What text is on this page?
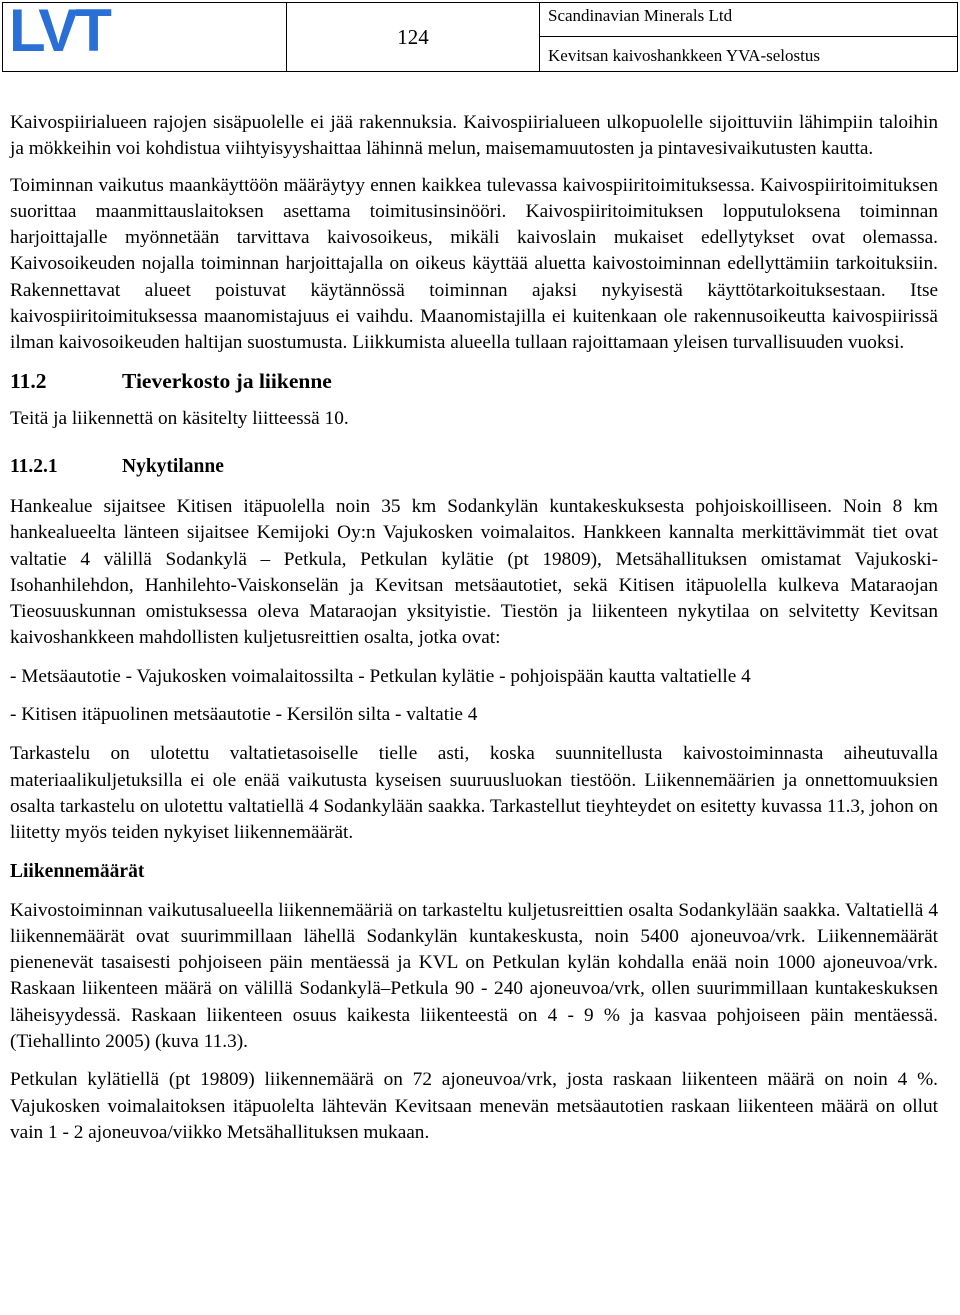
LVT	124	
Scandinavian Minerals Ltd
Kevitsan kaivoshankkeen YVA-selostus

Kaivospiirialueen rajojen sisäpuolelle ei jää rakennuksia. Kaivospiirialueen ulkopuolelle sijoittuviin lähimpiin taloihin ja mökkeihin voi kohdistua viihtyisyyshaittaa lähinnä melun, maisemamuutosten ja pintavesivaikutusten kautta.

Toiminnan vaikutus maankäyttöön määräytyy ennen kaikkea tulevassa kaivospiiritoimituksessa. Kaivospiiritoimituksen suorittaa maanmittauslaitoksen asettama toimitusinsinööri. Kaivospiiritoimituksen lopputuloksena toiminnan harjoittajalle myönnetään tarvittava kaivosoikeus, mikäli kaivoslain mukaiset edellytykset ovat olemassa. Kaivosoikeuden nojalla toiminnan harjoittajalla on oikeus käyttää aluetta kaivostoiminnan edellyttämiin tarkoituksiin. Rakennettavat alueet poistuvat käytännössä toiminnan ajaksi nykyisestä käyttötarkoituksestaan. Itse kaivospiiritoimituksessa maanomistajuus ei vaihdu. Maanomistajilla ei kuitenkaan ole rakennusoikeutta kaivospiirissä ilman kaivosoikeuden haltijan suostumusta. Liikkumista alueella tullaan rajoittamaan yleisen turvallisuuden vuoksi.

11.2	Tieverkosto ja liikenne

Teitä ja liikennettä on käsitelty liitteessä 10.

11.2.1	Nykytilanne

Hankealue sijaitsee Kitisen itäpuolella noin 35 km Sodankylän kuntakeskuksesta pohjoiskoilliseen. Noin 8 km hankealueelta länteen sijaitsee Kemijoki Oy:n Vajukosken voimalaitos. Hankkeen kannalta merkittävimmät tiet ovat valtatie 4 välillä Sodankylä – Petkula, Petkulan kylätie (pt 19809), Metsähallituksen omistamat Vajukoski-Isohanhilehdon, Hanhilehto-Vaiskonselän ja Kevitsan metsäautotiet, sekä Kitisen itäpuolella kulkeva Mataraojan Tieosuuskunnan omistuksessa oleva Mataraojan yksityistie. Tiestön ja liikenteen nykytilaa on selvitetty Kevitsan kaivoshankkeen mahdollisten kuljetusreittien osalta, jotka ovat:

- Metsäautotie - Vajukosken voimalaitossilta - Petkulan kylätie - pohjoispään kautta valtatielle 4

- Kitisen itäpuolinen metsäautotie - Kersilön silta - valtatie 4

Tarkastelu on ulotettu valtatietasoiselle tielle asti, koska suunnitellusta kaivostoiminnasta aiheutuvalla materiaalikuljetuksilla ei ole enää vaikutusta kyseisen suuruusluokan tiestöön. Liikennemäärien ja onnettomuuksien osalta tarkastelu on ulotettu valtatiellä 4 Sodankylään saakka. Tarkastellut tieyhteydet on esitetty kuvassa 11.3, johon on liitetty myös teiden nykyiset liikennemäärät.

Liikennemäärät

Kaivostoiminnan vaikutusalueella liikennemääriä on tarkasteltu kuljetusreittien osalta Sodankylään saakka. Valtatiellä 4 liikennemäärät ovat suurimmillaan lähellä Sodankylän kuntakeskusta, noin 5400 ajoneuvoa/vrk. Liikennemäärät pienenevät tasaisesti pohjoiseen päin mentäessä ja KVL on Petkulan kylän kohdalla enää noin 1000 ajoneuvoa/vrk. Raskaan liikenteen määrä on välillä Sodankylä–Petkula 90 - 240 ajoneuvoa/vrk, ollen suurimmillaan kuntakeskuksen läheisyydessä. Raskaan liikenteen osuus kaikesta liikenteestä on 4 - 9 % ja kasvaa pohjoiseen päin mentäessä. (Tiehallinto 2005) (kuva 11.3).

Petkulan kylätiellä (pt 19809) liikennemäärä on 72 ajoneuvoa/vrk, josta raskaan liikenteen määrä on noin 4 %. Vajukosken voimalaitoksen itäpuolelta lähtevän Kevitsaan menevän metsäautotien raskaan liikenteen määrä on ollut vain 1 - 2 ajoneuvoa/viikko Metsähallituksen mukaan.
